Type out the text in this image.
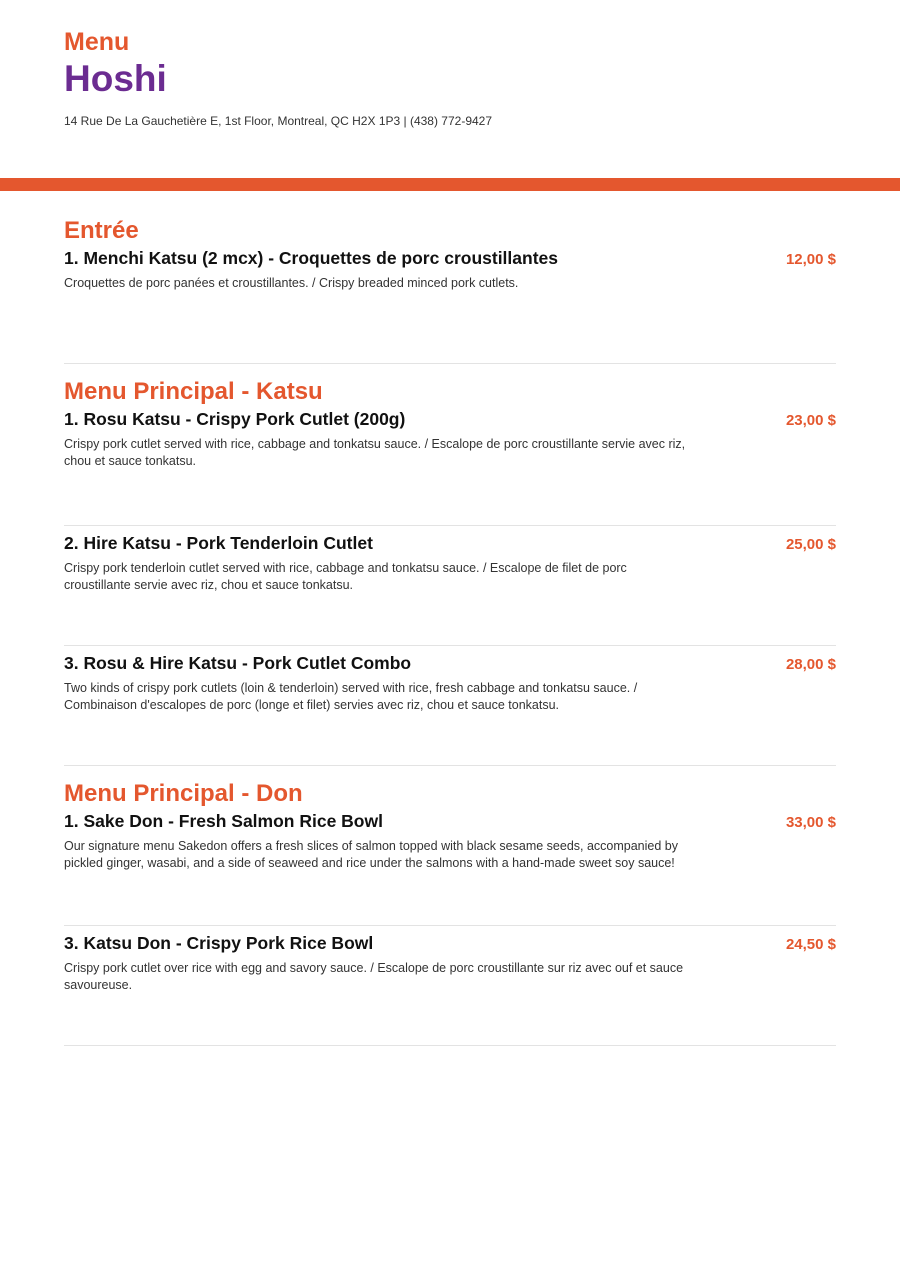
Menu
Hoshi
14 Rue De La Gauchetière E, 1st Floor, Montreal, QC H2X 1P3 | (438) 772-9427
Entrée
1. Menchi Katsu (2 mcx) - Croquettes de porc croustillantes	12,00 $
Croquettes de porc panées et croustillantes. / Crispy breaded minced pork cutlets.
Menu Principal - Katsu
1. Rosu Katsu - Crispy Pork Cutlet (200g)	23,00 $
Crispy pork cutlet served with rice, cabbage and tonkatsu sauce. / Escalope de porc croustillante servie avec riz, chou et sauce tonkatsu.
2. Hire Katsu - Pork Tenderloin Cutlet	25,00 $
Crispy pork tenderloin cutlet served with rice, cabbage and tonkatsu sauce. / Escalope de filet de porc croustillante servie avec riz, chou et sauce tonkatsu.
3. Rosu & Hire Katsu - Pork Cutlet Combo	28,00 $
Two kinds of crispy pork cutlets (loin & tenderloin) served with rice, fresh cabbage and tonkatsu sauce. / Combinaison d'escalopes de porc (longe et filet) servies avec riz, chou et sauce tonkatsu.
Menu Principal - Don
1. Sake Don - Fresh Salmon Rice Bowl	33,00 $
Our signature menu Sakedon offers a fresh slices of salmon topped with black sesame seeds, accompanied by pickled ginger, wasabi, and a side of seaweed and rice under the salmons with a hand-made sweet soy sauce!
3. Katsu Don - Crispy Pork Rice Bowl	24,50 $
Crispy pork cutlet over rice with egg and savory sauce. / Escalope de porc croustillante sur riz avec ouf et sauce savoureuse.
